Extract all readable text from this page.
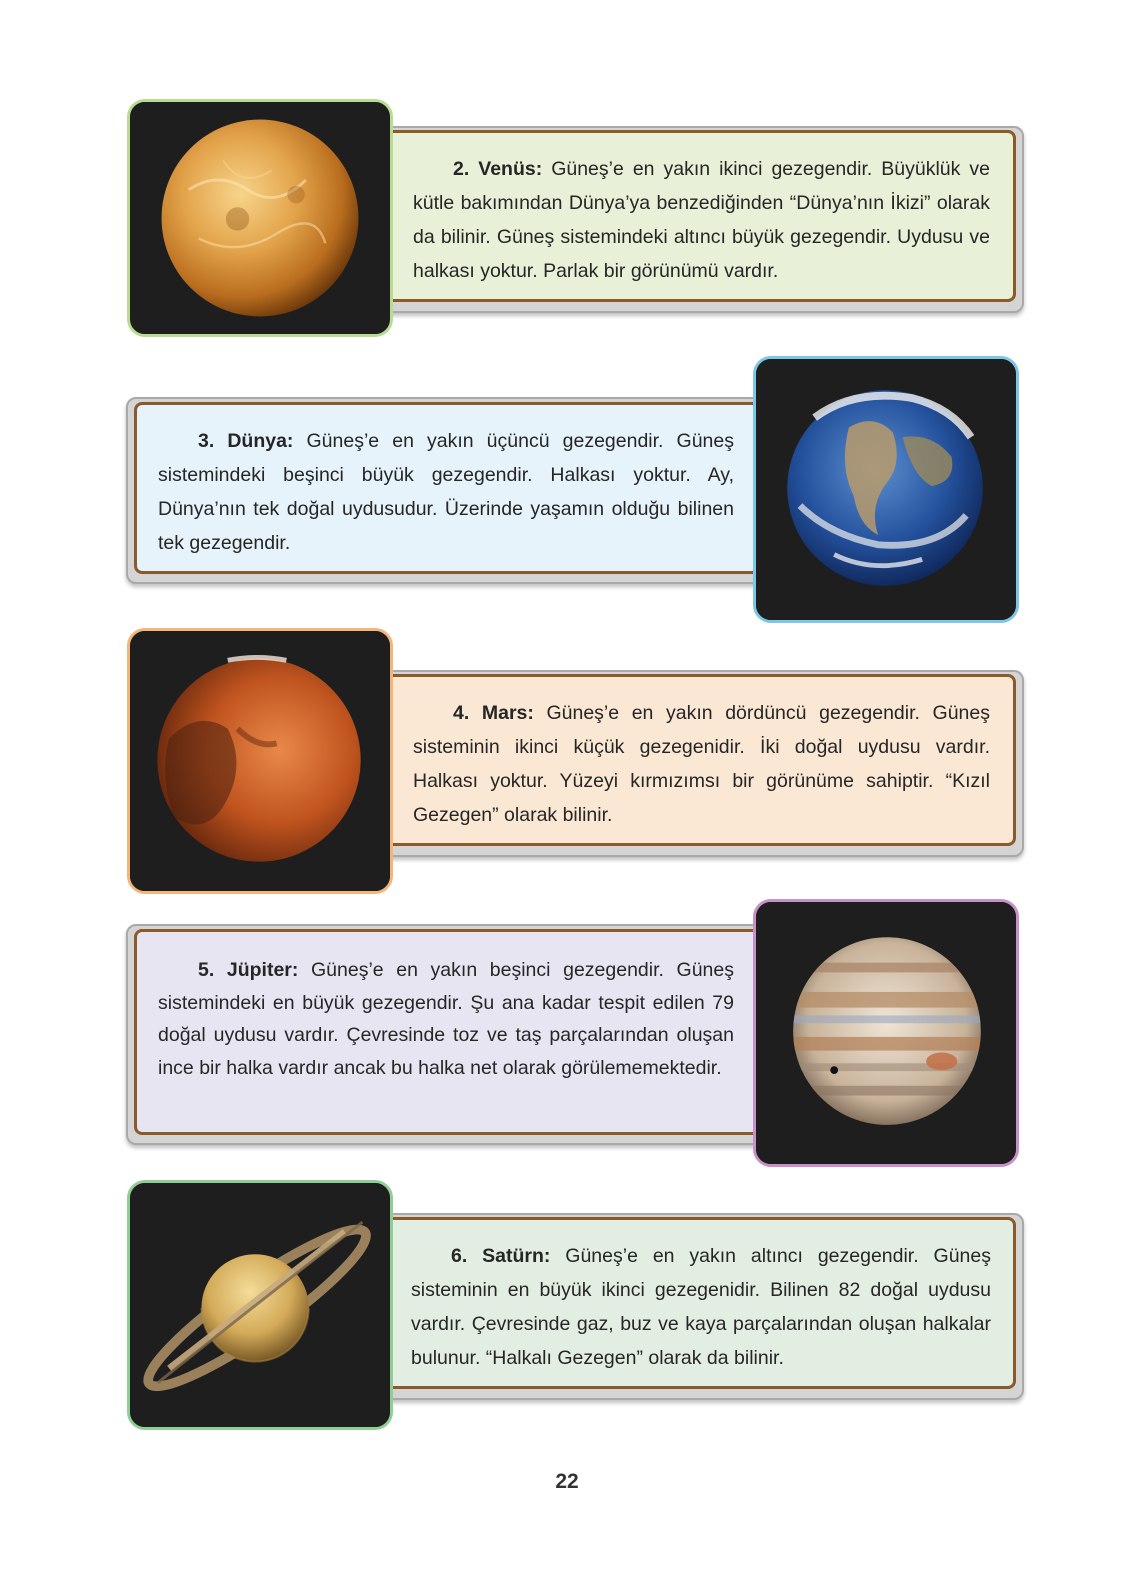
2. Venüs: Güneş’e en yakın ikinci gezegendir. Büyüklük ve kütle bakımından Dünya’ya benzediğinden “Dünya’nın İkizi” olarak da bilinir. Güneş sistemindeki altıncı büyük gezegendir. Uydusu ve halkası yoktur. Parlak bir görünümü vardır.
3. Dünya: Güneş’e en yakın üçüncü gezegendir. Güneş sistemindeki beşinci büyük gezegendir. Halkası yoktur. Ay, Dünya’nın tek doğal uydusudur. Üzerinde yaşamın olduğu bilinen tek gezegendir.
4. Mars: Güneş’e en yakın dördüncü gezegendir. Güneş sisteminin ikinci küçük gezegenidir. İki doğal uydusu vardır. Halkası yoktur. Yüzeyi kırmızımsı bir görünüme sahiptir. “Kızıl Gezegen” olarak bilinir.
5. Jüpiter: Güneş’e en yakın beşinci gezegendir. Güneş sistemindeki en büyük gezegendir. Şu ana kadar tespit edilen 79 doğal uydusu vardır. Çevresinde toz ve taş parçalarından oluşan ince bir halka vardır ancak bu halka net olarak görülememektedir.
6. Satürn: Güneş’e en yakın altıncı gezegendir. Güneş sisteminin en büyük ikinci gezegenidir. Bilinen 82 doğal uydusu vardır. Çevresinde gaz, buz ve kaya parçalarından oluşan halkalar bulunur. “Halkalı Gezegen” olarak da bilinir.
22
